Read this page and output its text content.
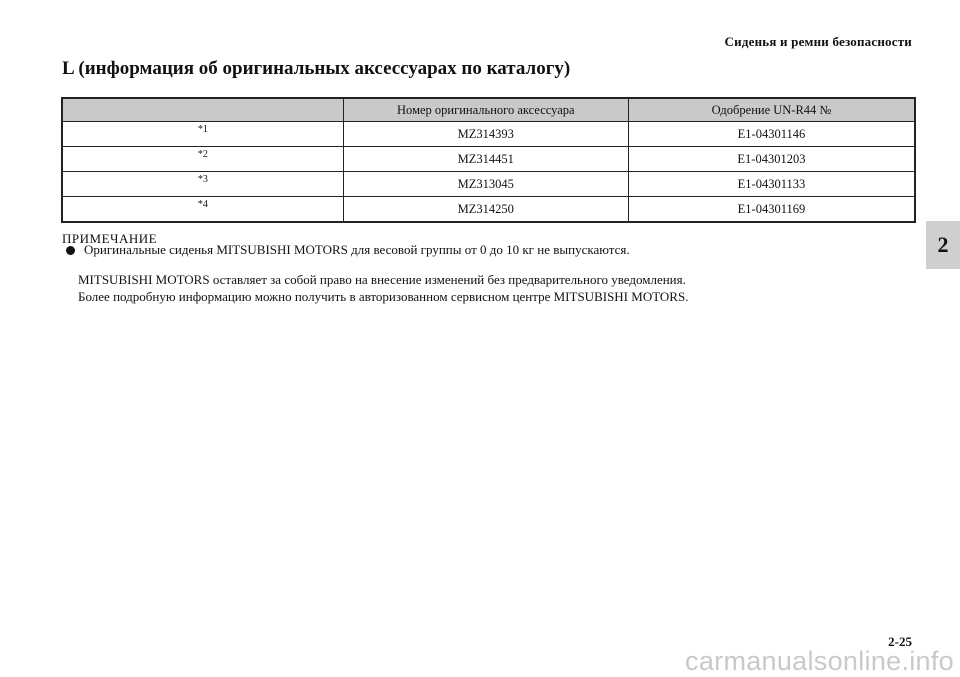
Сиденья и ремни безопасности
L (информация об оригинальных аксессуарах по каталогу)
	Номер оригинального аксессуара	Одобрение UN-R44 №
*1	MZ314393	E1-04301146
*2	MZ314451	E1-04301203
*3	MZ313045	E1-04301133
*4	MZ314250	E1-04301169
ПРИМЕЧАНИЕ
Оригинальные сиденья MITSUBISHI MOTORS для весовой группы от 0 до 10 кг не выпускаются.

MITSUBISHI MOTORS оставляет за собой право на внесение изменений без предварительного уведомления.

Более подробную информацию можно получить в авторизованном сервисном центре MITSUBISHI MOTORS.

2
2-25
carmanualsonline.info
